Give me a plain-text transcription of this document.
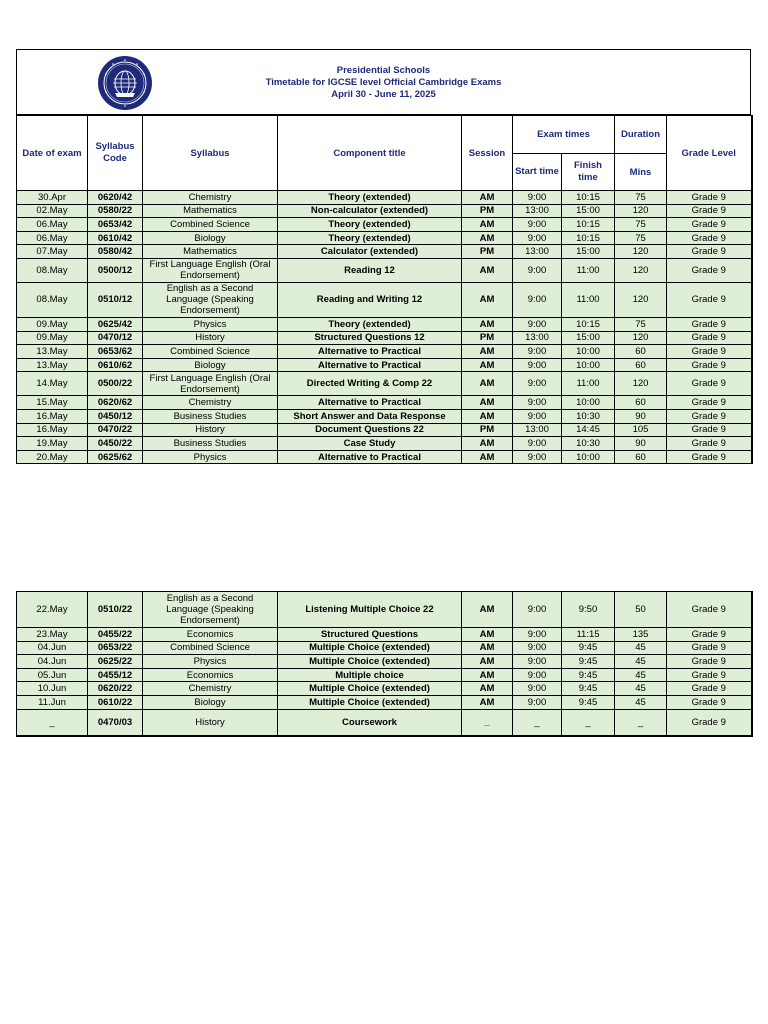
Presidential Schools
Timetable for IGCSE level Official Cambridge Exams
April 30 - June 11, 2025
Date of exam	Syllabus Code	Syllabus	Component title	Session	Exam times		Duration	Grade Level
					Start time	Finish time	Mins	
30.Apr	0620/42	Chemistry	Theory (extended)	AM	9:00	10:15	75	Grade 9
02.May	0580/22	Mathematics	Non-calculator (extended)	PM	13:00	15:00	120	Grade 9
06.May	0653/42	Combined Science	Theory (extended)	AM	9:00	10:15	75	Grade 9
06.May	0610/42	Biology	Theory (extended)	AM	9:00	10:15	75	Grade 9
07.May	0580/42	Mathematics	Calculator (extended)	PM	13:00	15:00	120	Grade 9
08.May	0500/12	First Language English (Oral Endorsement)	Reading 12	AM	9:00	11:00	120	Grade 9
08.May	0510/12	English as a Second Language (Speaking Endorsement)	Reading and Writing 12	AM	9:00	11:00	120	Grade 9
09.May	0625/42	Physics	Theory (extended)	AM	9:00	10:15	75	Grade 9
09.May	0470/12	History	Structured Questions 12	PM	13:00	15:00	120	Grade 9
13.May	0653/62	Combined Science	Alternative to Practical	AM	9:00	10:00	60	Grade 9
13.May	0610/62	Biology	Alternative to Practical	AM	9:00	10:00	60	Grade 9
14.May	0500/22	First Language English (Oral Endorsement)	Directed Writing & Comp 22	AM	9:00	11:00	120	Grade 9
15.May	0620/62	Chemistry	Alternative to Practical	AM	9:00	10:00	60	Grade 9
16.May	0450/12	Business Studies	Short Answer and Data Response	AM	9:00	10:30	90	Grade 9
16.May	0470/22	History	Document Questions 22	PM	13:00	14:45	105	Grade 9
19.May	0450/22	Business Studies	Case Study	AM	9:00	10:30	90	Grade 9
20.May	0625/62	Physics	Alternative to Practical	AM	9:00	10:00	60	Grade 9
22.May	0510/22	English as a Second Language (Speaking Endorsement)	Listening Multiple Choice 22	AM	9:00	9:50	50	Grade 9
23.May	0455/22	Economics	Structured Questions	AM	9:00	11:15	135	Grade 9
04.Jun	0653/22	Combined Science	Multiple Choice (extended)	AM	9:00	9:45	45	Grade 9
04.Jun	0625/22	Physics	Multiple Choice (extended)	AM	9:00	9:45	45	Grade 9
05.Jun	0455/12	Economics	Multiple choice	AM	9:00	9:45	45	Grade 9
10.Jun	0620/22	Chemistry	Multiple Choice (extended)	AM	9:00	9:45	45	Grade 9
11.Jun	0610/22	Biology	Multiple Choice (extended)	AM	9:00	9:45	45	Grade 9
_	0470/03	History	Coursework	_	_	_	_	Grade 9
